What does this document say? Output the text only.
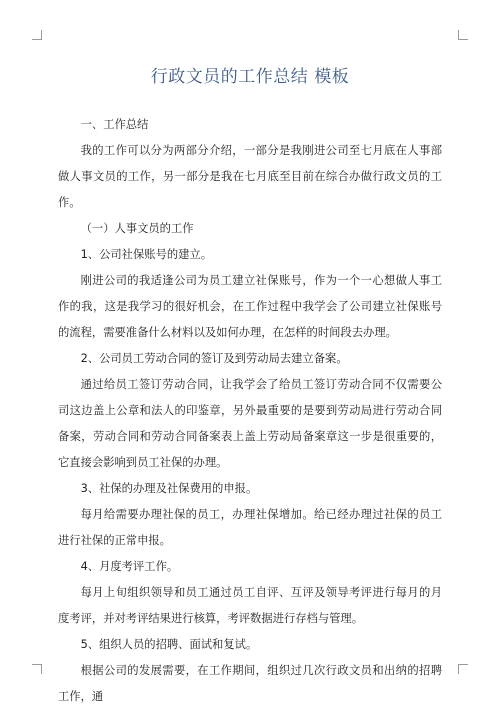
行政文员的工作总结 模板

一、工作总结

我的工作可以分为两部分介绍，一部分是我刚进公司至七月底在人事部做人事文员的工作，另一部分是我在七月底至目前在综合办做行政文员的工作。

（一）人事文员的工作

1、公司社保账号的建立。

刚进公司的我适逢公司为员工建立社保账号，作为一个一心想做人事工作的我，这是我学习的很好机会，在工作过程中我学会了公司建立社保账号的流程，需要准备什么材料以及如何办理，在怎样的时间段去办理。

2、公司员工劳动合同的签订及到劳动局去建立备案。

通过给员工签订劳动合同，让我学会了给员工签订劳动合同不仅需要公司这边盖上公章和法人的印鉴章，另外最重要的是要到劳动局进行劳动合同备案，劳动合同和劳动合同备案表上盖上劳动局备案章这一步是很重要的，它直接会影响到员工社保的办理。

3、社保的办理及社保费用的申报。

每月给需要办理社保的员工，办理社保增加。给已经办理过社保的员工进行社保的正常申报。

4、月度考评工作。

每月上旬组织领导和员工通过员工自评、互评及领导考评进行每月的月度考评，并对考评结果进行核算，考评数据进行存档与管理。

5、组织人员的招聘、面试和复试。

根据公司的发展需要，在工作期间，组织过几次行政文员和出纳的招聘工作，通
